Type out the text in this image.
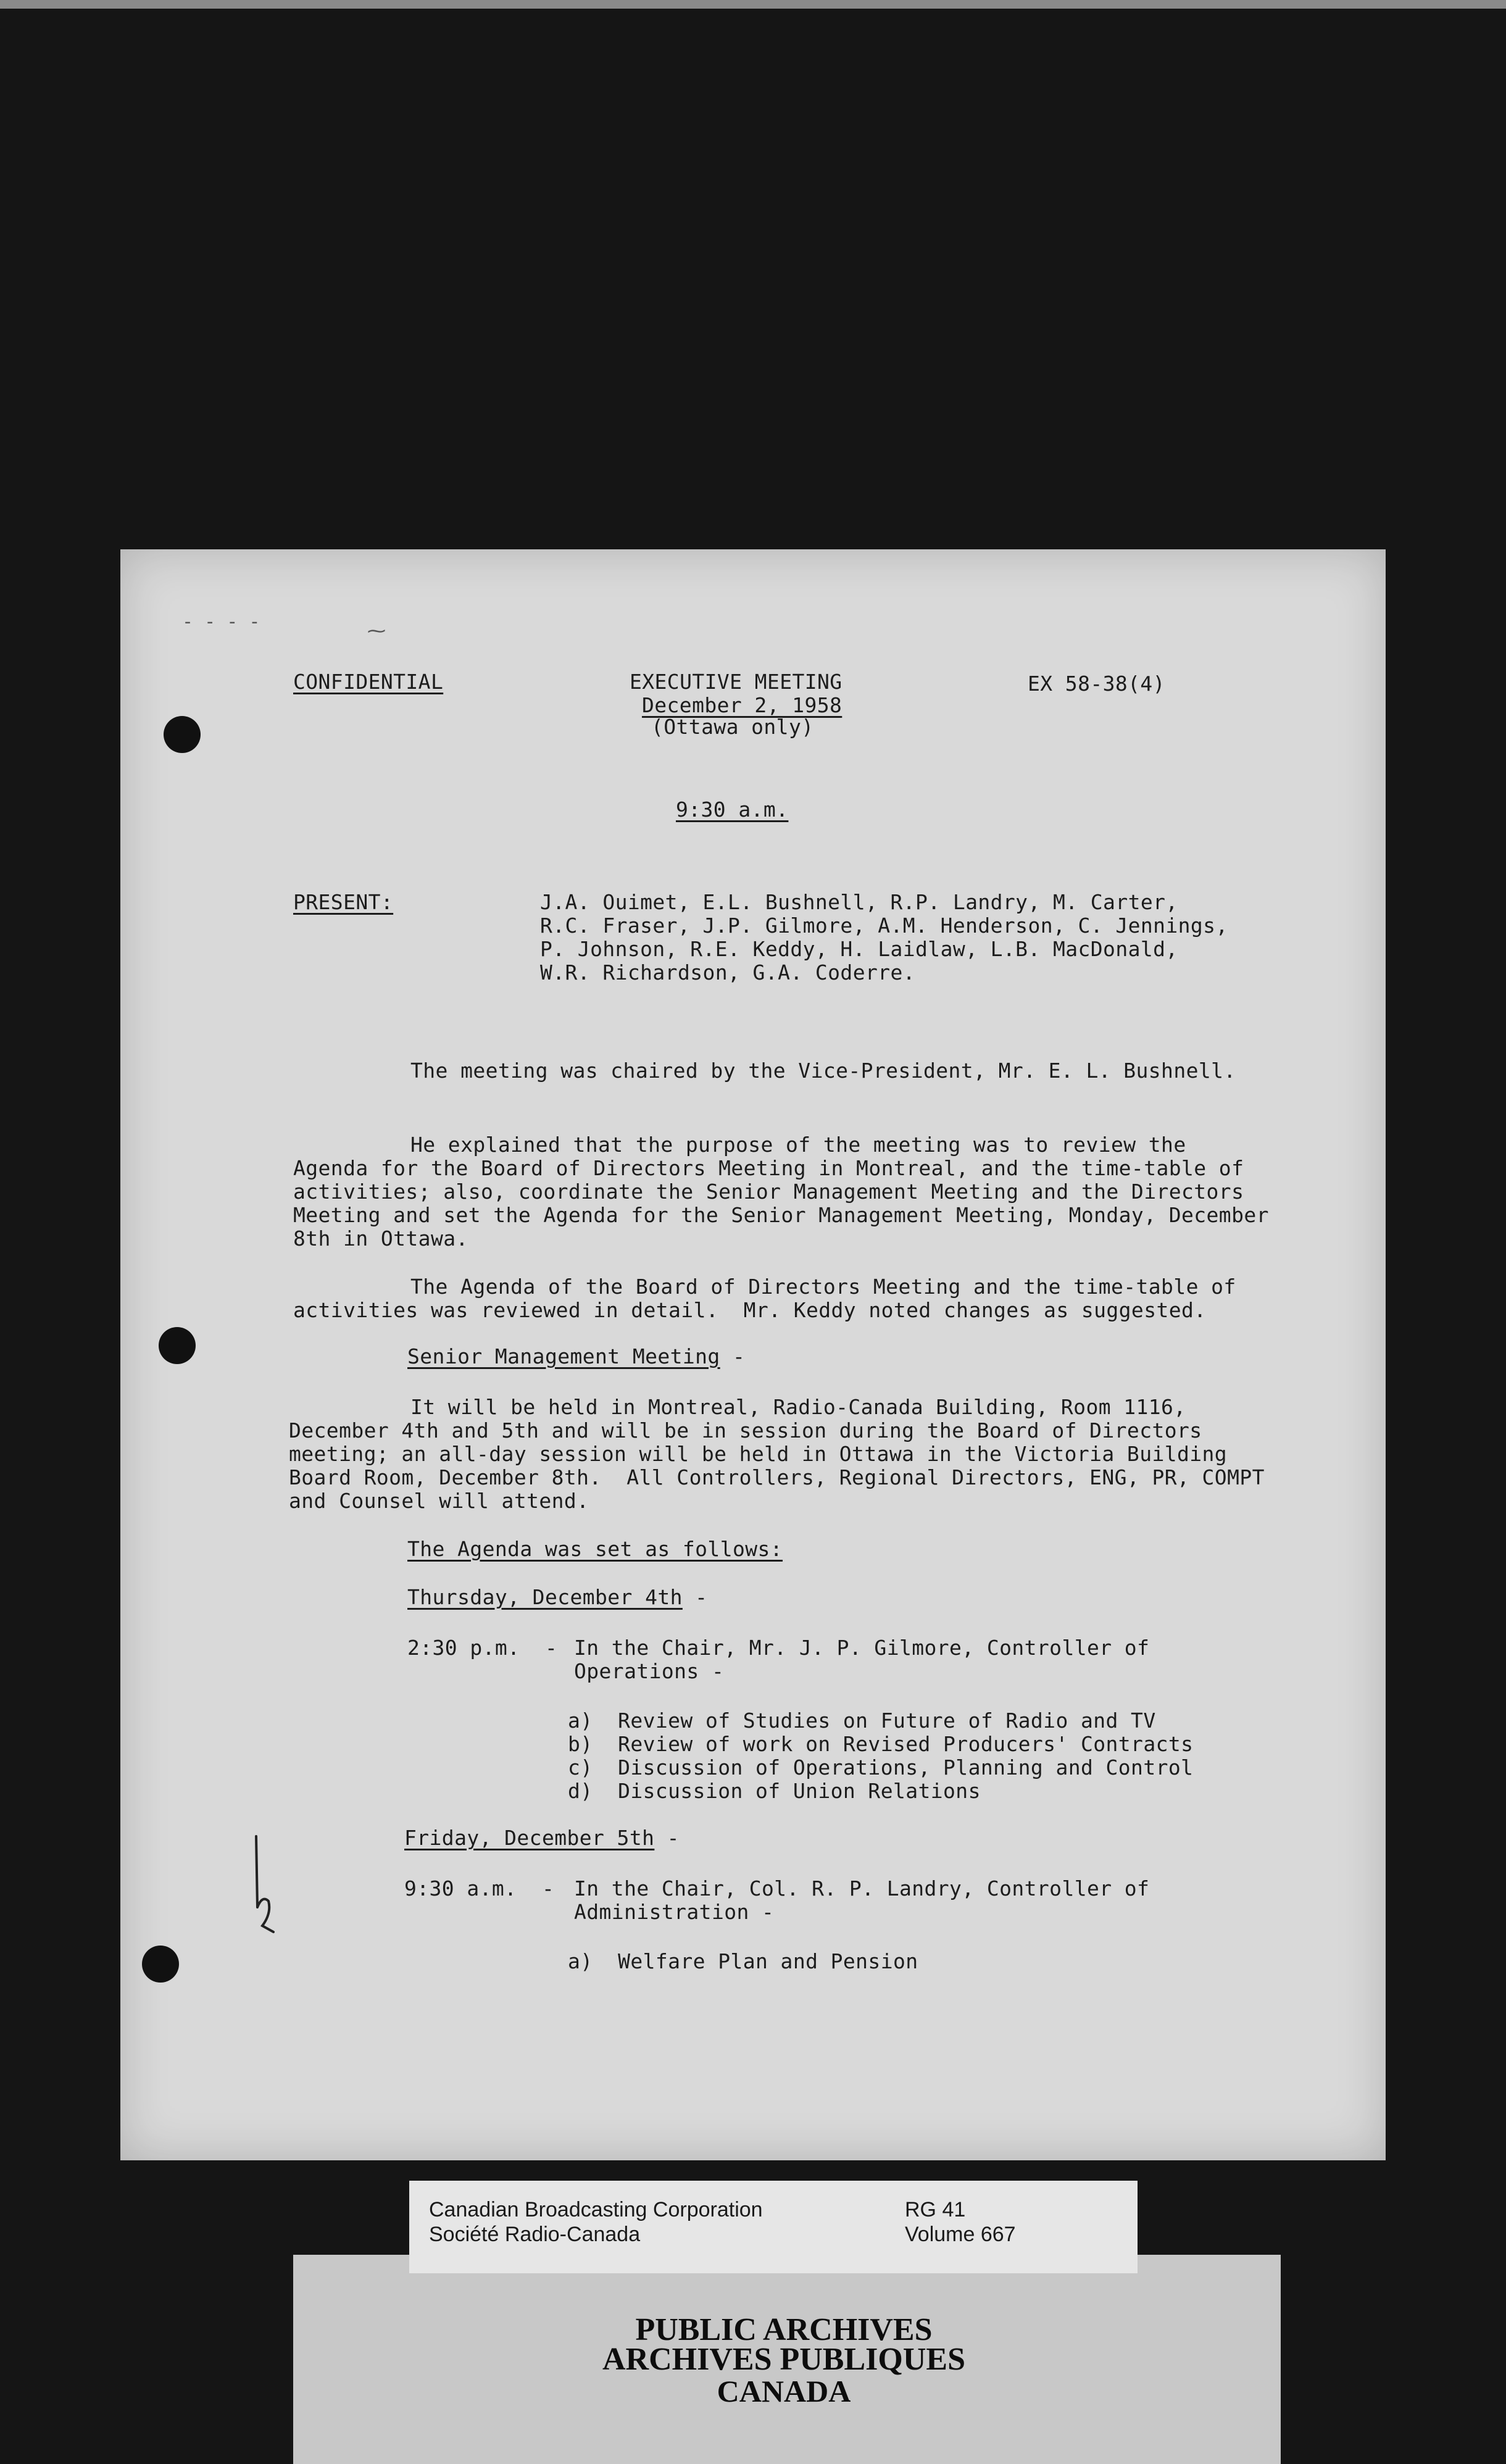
‐ ‐ ‐ ‐	⁓
CONFIDENTIAL	EXECUTIVE MEETING
December 2, 1958
(Ottawa only)
EX 58-38(4)
9:30 a.m.
PRESENT:	J.A. Ouimet, E.L. Bushnell, R.P. Landry, M. Carter,
R.C. Fraser, J.P. Gilmore, A.M. Henderson, C. Jennings,
P. Johnson, R.E. Keddy, H. Laidlaw, L.B. MacDonald,
W.R. Richardson, G.A. Coderre.
The meeting was chaired by the Vice-President, Mr. E. L. Bushnell.
He explained that the purpose of the meeting was to review the
Agenda for the Board of Directors Meeting in Montreal, and the time-table of
activities; also, coordinate the Senior Management Meeting and the Directors
Meeting and set the Agenda for the Senior Management Meeting, Monday, December
8th in Ottawa.
The Agenda of the Board of Directors Meeting and the time-table of
activities was reviewed in detail.  Mr. Keddy noted changes as suggested.
Senior Management Meeting -
It will be held in Montreal, Radio-Canada Building, Room 1116,
December 4th and 5th and will be in session during the Board of Directors
meeting; an all-day session will be held in Ottawa in the Victoria Building
Board Room, December 8th.  All Controllers, Regional Directors, ENG, PR, COMPT
and Counsel will attend.
The Agenda was set as follows:
Thursday, December 4th -
2:30 p.m.  - In the Chair, Mr. J. P. Gilmore, Controller of
Operations -
a)  Review of Studies on Future of Radio and TV
b)  Review of work on Revised Producers' Contracts
c)  Discussion of Operations, Planning and Control
d)  Discussion of Union Relations
Friday, December 5th -
9:30 a.m.  - In the Chair, Col. R. P. Landry, Controller of
Administration -
a)  Welfare Plan and Pension
Canadian Broadcasting Corporation
Société Radio-Canada
RG 41
Volume 667
PUBLIC ARCHIVES
ARCHIVES PUBLIQUES
CANADA
